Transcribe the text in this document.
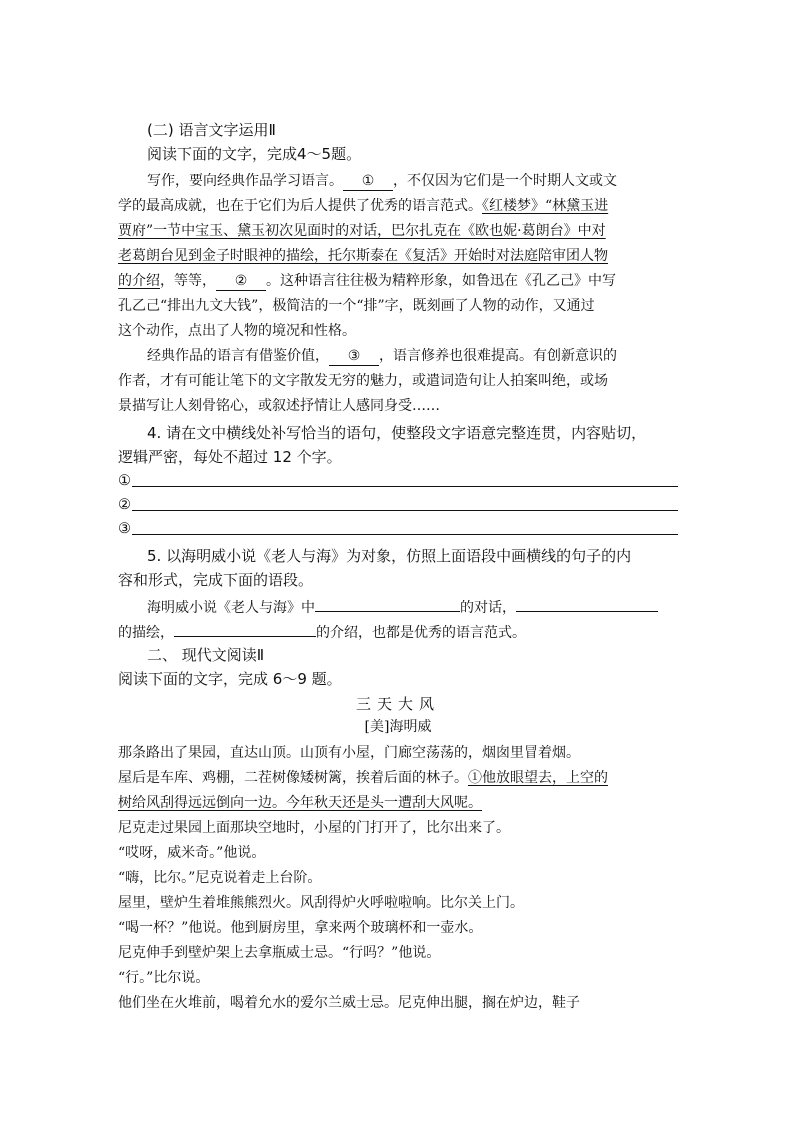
(二) 语言文字运用Ⅱ
阅读下面的文字，完成4～5题。
写作，要向经典作品学习语言。 ① ，不仅因为它们是一个时期人文或文
学的最高成就，也在于它们为后人提供了优秀的语言范式。《红楼梦》“林黛玉进
贾府”一节中宝玉、黛玉初次见面时的对话，巴尔扎克在《欧也妮·葛朗台》中对
老葛朗台见到金子时眼神的描绘，托尔斯泰在《复活》开始时对法庭陪审团人物
的介绍，等等， ② 。这种语言往往极为精粹形象，如鲁迅在《孔乙己》中写
孔乙己“排出九文大钱”，极简洁的一个“排”字，既刻画了人物的动作，又通过
这个动作，点出了人物的境况和性格。
经典作品的语言有借鉴价值， ③ ，语言修养也很难提高。有创新意识的
作者，才有可能让笔下的文字散发无穷的魅力，或遣词造句让人拍案叫绝，或场
景描写让人刻骨铭心，或叙述抒情让人感同身受……
4. 请在文中横线处补写恰当的语句，使整段文字语意完整连贯，内容贴切，
逻辑严密，每处不超过 12 个字。
①
②
③
5. 以海明威小说《老人与海》为对象，仿照上面语段中画横线的句子的内
容和形式，完成下面的语段。
海明威小说《老人与海》中	的对话，
的描绘，	的介绍，也都是优秀的语言范式。
二、 现代文阅读Ⅱ
阅读下面的文字，完成 6～9 题。
三天大风
[美]海明威
那条路出了果园，直达山顶。山顶有小屋，门廊空荡荡的，烟囱里冒着烟。
屋后是车库、鸡棚，二茬树像矮树篱，挨着后面的林子。①他放眼望去，上空的
树给风刮得远远倒向一边。今年秋天还是头一遭刮大风呢。
尼克走过果园上面那块空地时，小屋的门打开了，比尔出来了。
“哎呀，威米奇。”他说。
“嗨，比尔。”尼克说着走上台阶。
屋里，壁炉生着堆熊熊烈火。风刮得炉火呼啦啦响。比尔关上门。
“喝一杯？”他说。他到厨房里，拿来两个玻璃杯和一壶水。
尼克伸手到壁炉架上去拿瓶威士忌。“行吗？”他说。
“行。”比尔说。
他们坐在火堆前，喝着允水的爱尔兰威士忌。尼克伸出腿，搁在炉边，鞋子
